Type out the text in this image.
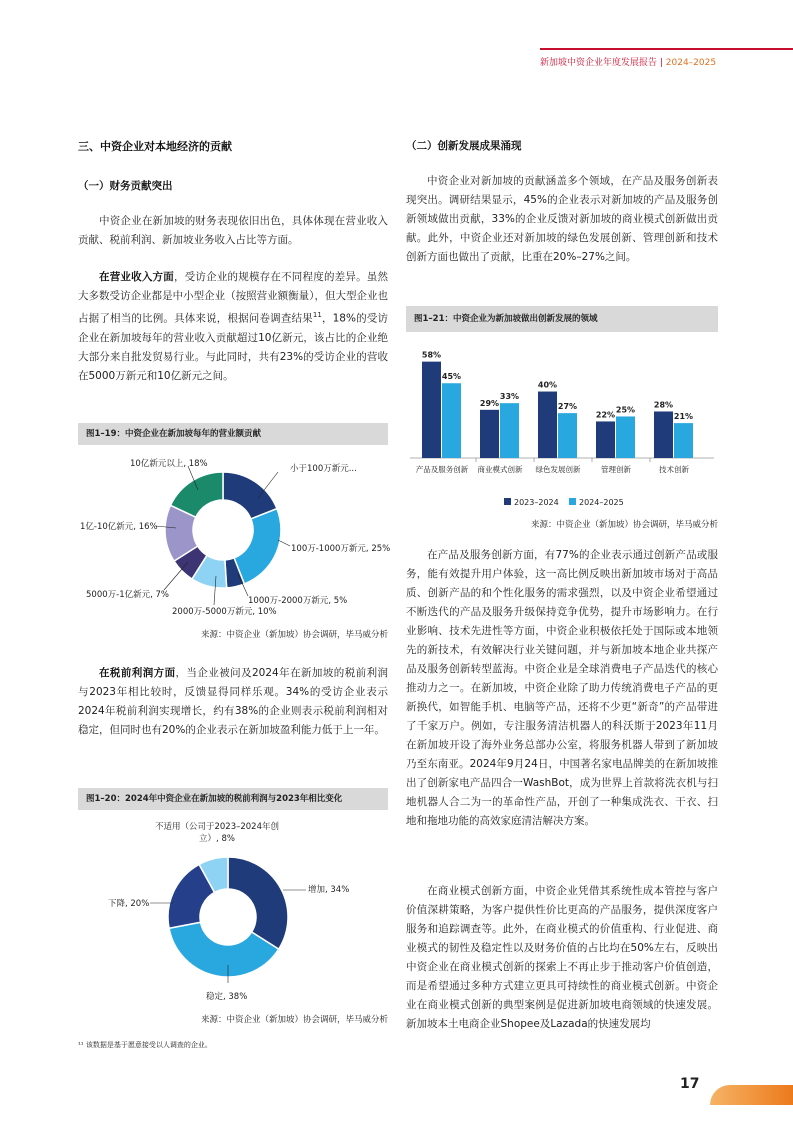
新加坡中资企业年度发展报告 | 2024–2025
三、中资企业对本地经济的贡献
（一）财务贡献突出

中资企业在新加坡的财务表现依旧出色，具体体现在营业收入贡献、税前利润、新加坡业务收入占比等方面。

在营业收入方面，受访企业的规模存在不同程度的差异。虽然大多数受访企业都是中小型企业（按照营业额衡量），但大型企业也占据了相当的比例。具体来说，根据问卷调查结果$^{11}$，18%的受访企业在新加坡每年的营业收入贡献超过10亿新元，该占比的企业绝大部分来自批发贸易行业。与此同时，共有23%的受访企业的营收在5000万新元和10亿新元之间。

图1–19：中资企业在新加坡每年的营业额贡献
小于100万新元...
100万-1000万新元, 25%
1000万-2000万新元, 5%
2000万-5000万新元, 10%
5000万-1亿新元, 7%
1亿-10亿新元, 16%
10亿新元以上, 18%
来源：中资企业（新加坡）协会调研，毕马威分析

在税前利润方面，当企业被问及2024年在新加坡的税前利润与2023年相比较时，反馈显得同样乐观。34%的受访企业表示2024年税前利润实现增长，约有38%的企业则表示税前利润相对稳定，但同时也有20%的企业表示在新加坡盈利能力低于上一年。

图1–20：2024年中资企业在新加坡的税前利润与2023年相比变化
不适用（公司于2023–2024年创立）, 8%
增加, 34%
下降, 20%
稳定, 38%
来源：中资企业（新加坡）协会调研，毕马威分析
¹¹ 该数据是基于愿意接受以人调查的企业。
（二）创新发展成果涌现

中资企业对新加坡的贡献涵盖多个领域，在产品及服务创新表现突出。调研结果显示，45%的企业表示对新加坡的产品及服务创新领域做出贡献，33%的企业反馈对新加坡的商业模式创新做出贡献。此外，中资企业还对新加坡的绿色发展创新、管理创新和技术创新方面也做出了贡献，比重在20%–27%之间。

图1–21：中资企业为新加坡做出创新发展的领域
58%
45%
产品及服务创新
29%
33%
商业模式创新
40%
27%
绿色发展创新
22%
25%
管理创新
28%
21%
技术创新
2023–2024	2024–2025
来源：中资企业（新加坡）协会调研，毕马威分析

在产品及服务创新方面，有77%的企业表示通过创新产品或服务，能有效提升用户体验，这一高比例反映出新加坡市场对于高品质、创新产品的和个性化服务的需求强烈，以及中资企业希望通过不断迭代的产品及服务升级保持竞争优势，提升市场影响力。在行业影响、技术先进性等方面，中资企业积极依托处于国际或本地领先的新技术，有效解决行业关键问题，并与新加坡本地企业共探产品及服务创新转型蓝海。中资企业是全球消费电子产品迭代的核心推动力之一。在新加坡，中资企业除了助力传统消费电子产品的更新换代，如智能手机、电脑等产品，还将不少更“新奇”的产品带进了千家万户。例如，专注服务清洁机器人的科沃斯于2023年11月在新加坡开设了海外业务总部办公室，将服务机器人带到了新加坡乃至东南亚。2024年9月24日，中国著名家电品牌美的在新加坡推出了创新家电产品四合一WashBot，成为世界上首款将洗衣机与扫地机器人合二为一的革命性产品，开创了一种集成洗衣、干衣、扫地和拖地功能的高效家庭清洁解决方案。

在商业模式创新方面，中资企业凭借其系统性成本管控与客户价值深耕策略，为客户提供性价比更高的产品服务，提供深度客户服务和追踪调查等。此外，在商业模式的价值重构、行业促进、商业模式的韧性及稳定性以及财务价值的占比均在50%左右，反映出中资企业在商业模式创新的探索上不再止步于推动客户价值创造，而是希望通过多种方式建立更具可持续性的商业模式创新。中资企业在商业模式创新的典型案例是促进新加坡电商领域的快速发展。新加坡本土电商企业Shopee及Lazada的快速发展均

17
